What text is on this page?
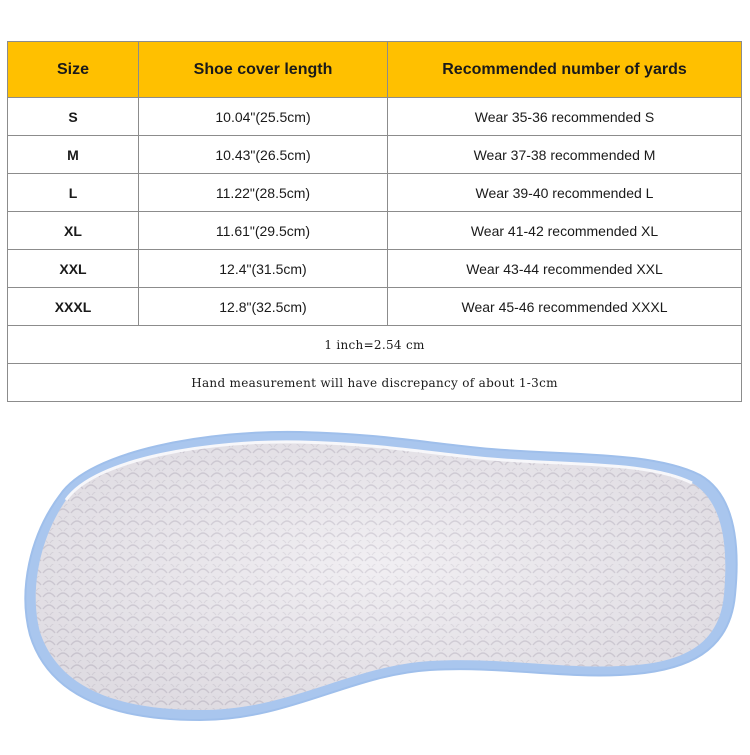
Size	Shoe cover length	Recommended number of yards
S	10.04"(25.5cm)	Wear 35-36 recommended S
M	10.43"(26.5cm)	Wear 37-38 recommended M
L	11.22"(28.5cm)	Wear 39-40 recommended L
XL	11.61"(29.5cm)	Wear 41-42 recommended XL
XXL	12.4"(31.5cm)	Wear 43-44 recommended XXL
XXXL	12.8"(32.5cm)	Wear 45-46 recommended XXXL
1 inch=2.54 cm		
Hand measurement will have discrepancy of about 1-3cm		
